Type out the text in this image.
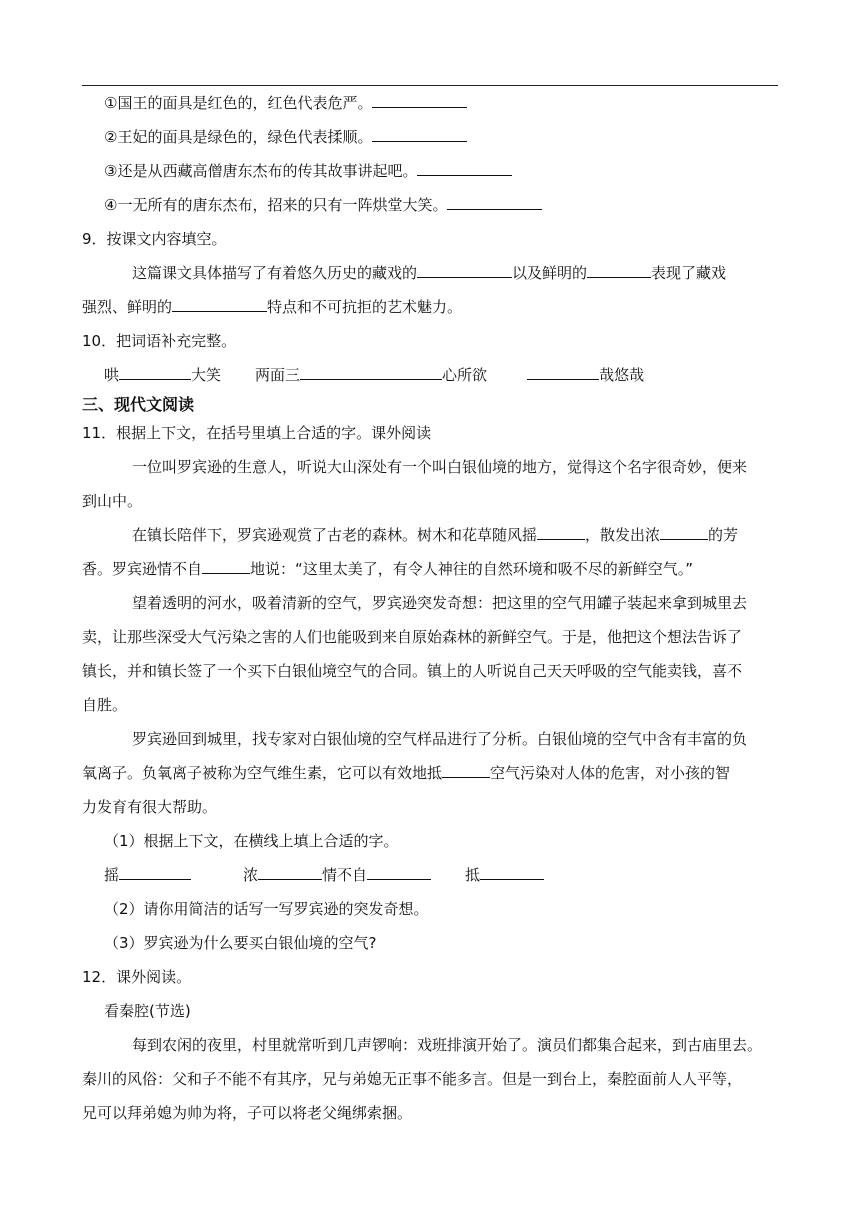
①国王的面具是红色的，红色代表危严。
②王妃的面具是绿色的，绿色代表揉顺。
③还是从西藏高僧唐东杰布的传其故事讲起吧。
④一无所有的唐东杰布，招来的只有一阵烘堂大笑。
9．按课文内容填空。
这篇课文具体描写了有着悠久历史的藏戏的	以及鲜明的	表现了藏戏
强烈、鲜明的	特点和不可抗拒的艺术魅力。
10．把词语补充完整。
哄	大笑 两面三	心所欲	哉悠哉
三、现代文阅读
11．根据上下文，在括号里填上合适的字。课外阅读
一位叫罗宾逊的生意人，听说大山深处有一个叫白银仙境的地方，觉得这个名字很奇妙，便来
到山中。
在镇长陪伴下，罗宾逊观赏了古老的森林。树木和花草随风摇	，散发出浓	的芳
香。罗宾逊情不自	地说：“这里太美了，有令人神往的自然环境和吸不尽的新鲜空气。”
望着透明的河水，吸着清新的空气，罗宾逊突发奇想：把这里的空气用罐子装起来拿到城里去
卖，让那些深受大气污染之害的人们也能吸到来自原始森林的新鲜空气。于是，他把这个想法告诉了
镇长，并和镇长签了一个买下白银仙境空气的合同。镇上的人听说自己天天呼吸的空气能卖钱，喜不
自胜。
罗宾逊回到城里，找专家对白银仙境的空气样品进行了分析。白银仙境的空气中含有丰富的负
氧离子。负氧离子被称为空气维生素，它可以有效地抵	空气污染对人体的危害，对小孩的智
力发育有很大帮助。
（1）根据上下文，在横线上填上合适的字。
摇	浓	情不自	抵
（2）请你用简洁的话写一写罗宾逊的突发奇想。
（3）罗宾逊为什么要买白银仙境的空气?
12．课外阅读。
看秦腔(节选)
每到农闲的夜里，村里就常听到几声锣响：戏班排演开始了。演员们都集合起来，到古庙里去。
秦川的风俗：父和子不能不有其序，兄与弟媳无正事不能多言。但是一到台上，秦腔面前人人平等，
兄可以拜弟媳为帅为将，子可以将老父绳绑索捆。
